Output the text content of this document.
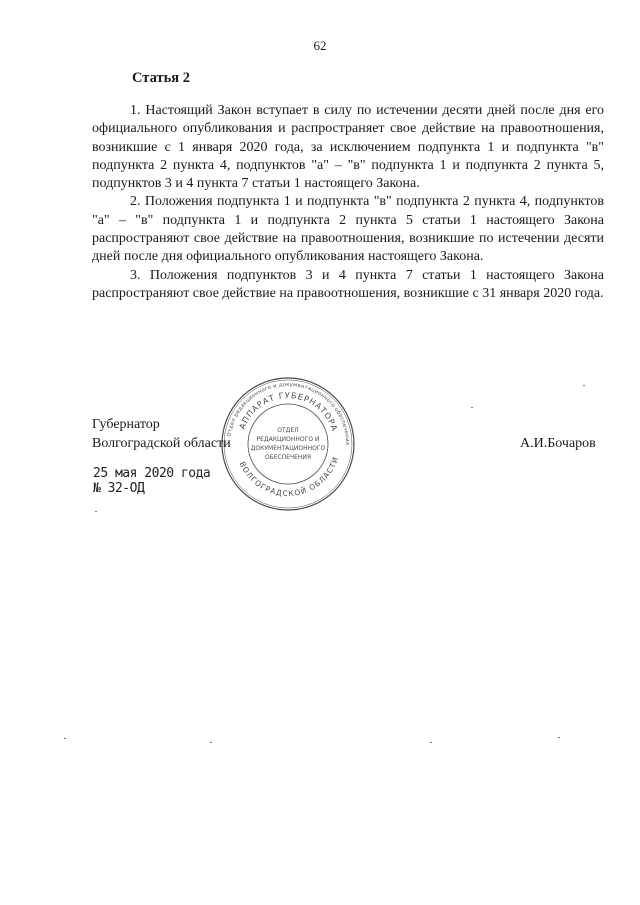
62
Статья 2

1. Настоящий Закон вступает в силу по истечении десяти дней после дня его официального опубликования и распространяет свое действие на правоотношения, возникшие с 1 января 2020 года, за исключением подпункта 1 и подпункта "в" подпункта 2 пункта 4, подпунктов "а" – "в" подпункта 1 и подпункта 2 пункта 5, подпунктов 3 и 4 пункта 7 статьи 1 настоящего Закона.

2. Положения подпункта 1 и подпункта "в" подпункта 2 пункта 4, подпунктов "а" – "в" подпункта 1 и подпункта 2 пункта 5 статьи 1 настоящего Закона распространяют свое действие на правоотношения, возникшие по истечении десяти дней после дня официального опубликования настоящего Закона.

3. Положения подпунктов 3 и 4 пункта 7 статьи 1 настоящего Закона распространяют свое действие на правоотношения, возникшие с 31 января 2020 года.

Отдел редакционного и документационного обеспечения
АППАРАТ ГУБЕРНАТОРА
ВОЛГОГРАДСКОЙ ОБЛАСТИ
ОТДЕЛ
РЕДАКЦИОННОГО И
ДОКУМЕНТАЦИОННОГО
ОБЕСПЕЧЕНИЯ
Губернатор
Волгоградской области	А.И.Бочаров
25 мая 2020 года
№ 32-ОД
